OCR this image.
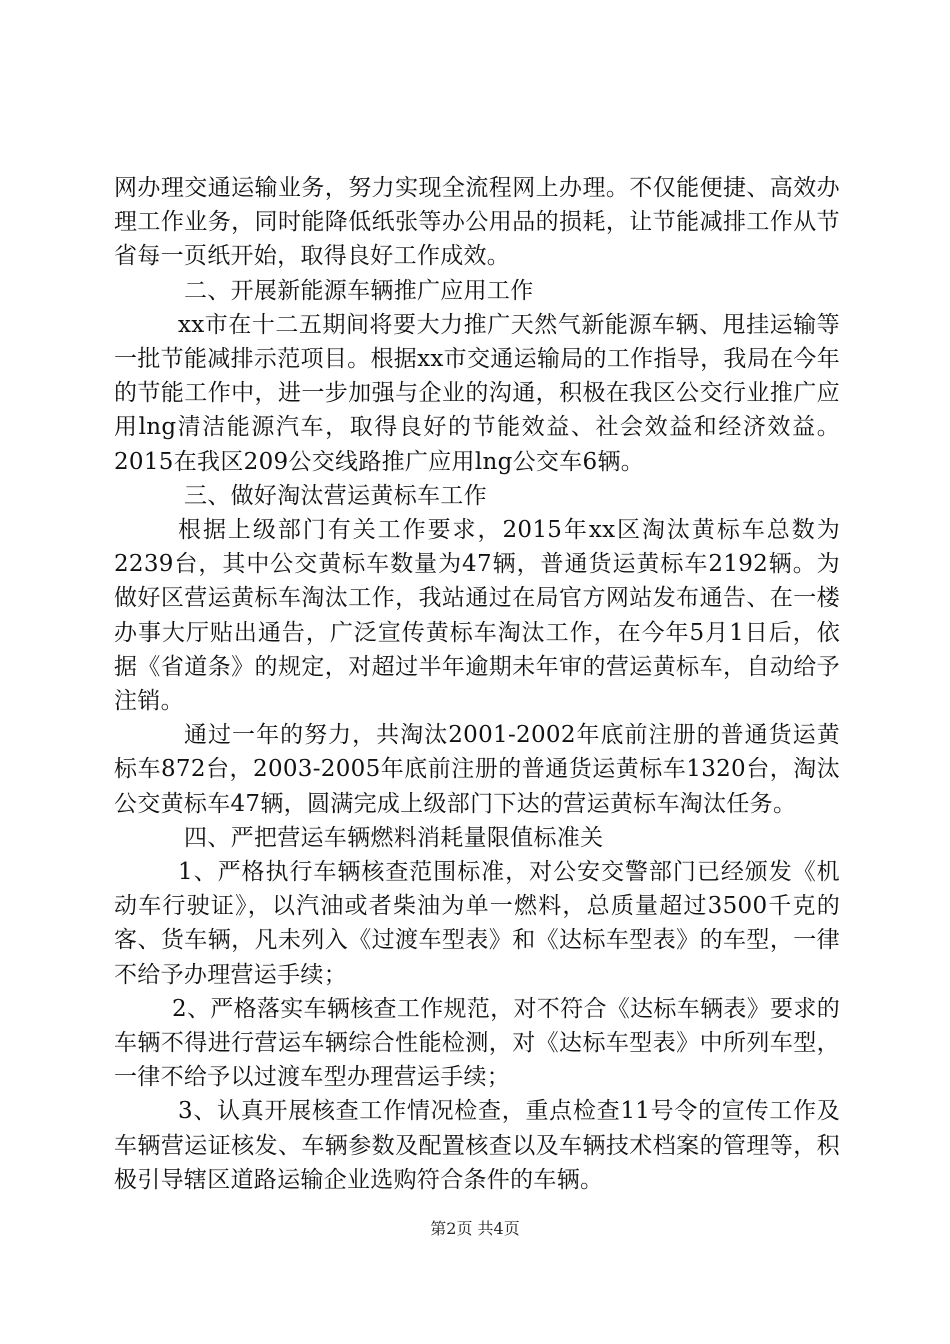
网办理交通运输业务，努力实现全流程网上办理。不仅能便捷、高效办理工作业务，同时能降低纸张等办公用品的损耗，让节能减排工作从节省每一页纸开始，取得良好工作成效。

二、开展新能源车辆推广应用工作

xx市在十二五期间将要大力推广天然气新能源车辆、甩挂运输等一批节能减排示范项目。根据xx市交通运输局的工作指导，我局在今年的节能工作中，进一步加强与企业的沟通，积极在我区公交行业推广应用lng清洁能源汽车，取得良好的节能效益、社会效益和经济效益。2015在我区209公交线路推广应用lng公交车6辆。

三、做好淘汰营运黄标车工作

根据上级部门有关工作要求，2015年xx区淘汰黄标车总数为2239台，其中公交黄标车数量为47辆，普通货运黄标车2192辆。为做好区营运黄标车淘汰工作，我站通过在局官方网站发布通告、在一楼办事大厅贴出通告，广泛宣传黄标车淘汰工作，在今年5月1日后，依据《省道条》的规定，对超过半年逾期未年审的营运黄标车，自动给予注销。

通过一年的努力，共淘汰2001-2002年底前注册的普通货运黄标车872台，2003-2005年底前注册的普通货运黄标车1320台，淘汰公交黄标车47辆，圆满完成上级部门下达的营运黄标车淘汰任务。

四、严把营运车辆燃料消耗量限值标准关

1、严格执行车辆核查范围标准，对公安交警部门已经颁发《机动车行驶证》，以汽油或者柴油为单一燃料，总质量超过3500千克的客、货车辆，凡未列入《过渡车型表》和《达标车型表》的车型，一律不给予办理营运手续；

2、严格落实车辆核查工作规范，对不符合《达标车辆表》要求的车辆不得进行营运车辆综合性能检测，对《达标车型表》中所列车型，一律不给予以过渡车型办理营运手续；

3、认真开展核查工作情况检查，重点检查11号令的宣传工作及车辆营运证核发、车辆参数及配置核查以及车辆技术档案的管理等，积极引导辖区道路运输企业选购符合条件的车辆。

第2页 共4页
